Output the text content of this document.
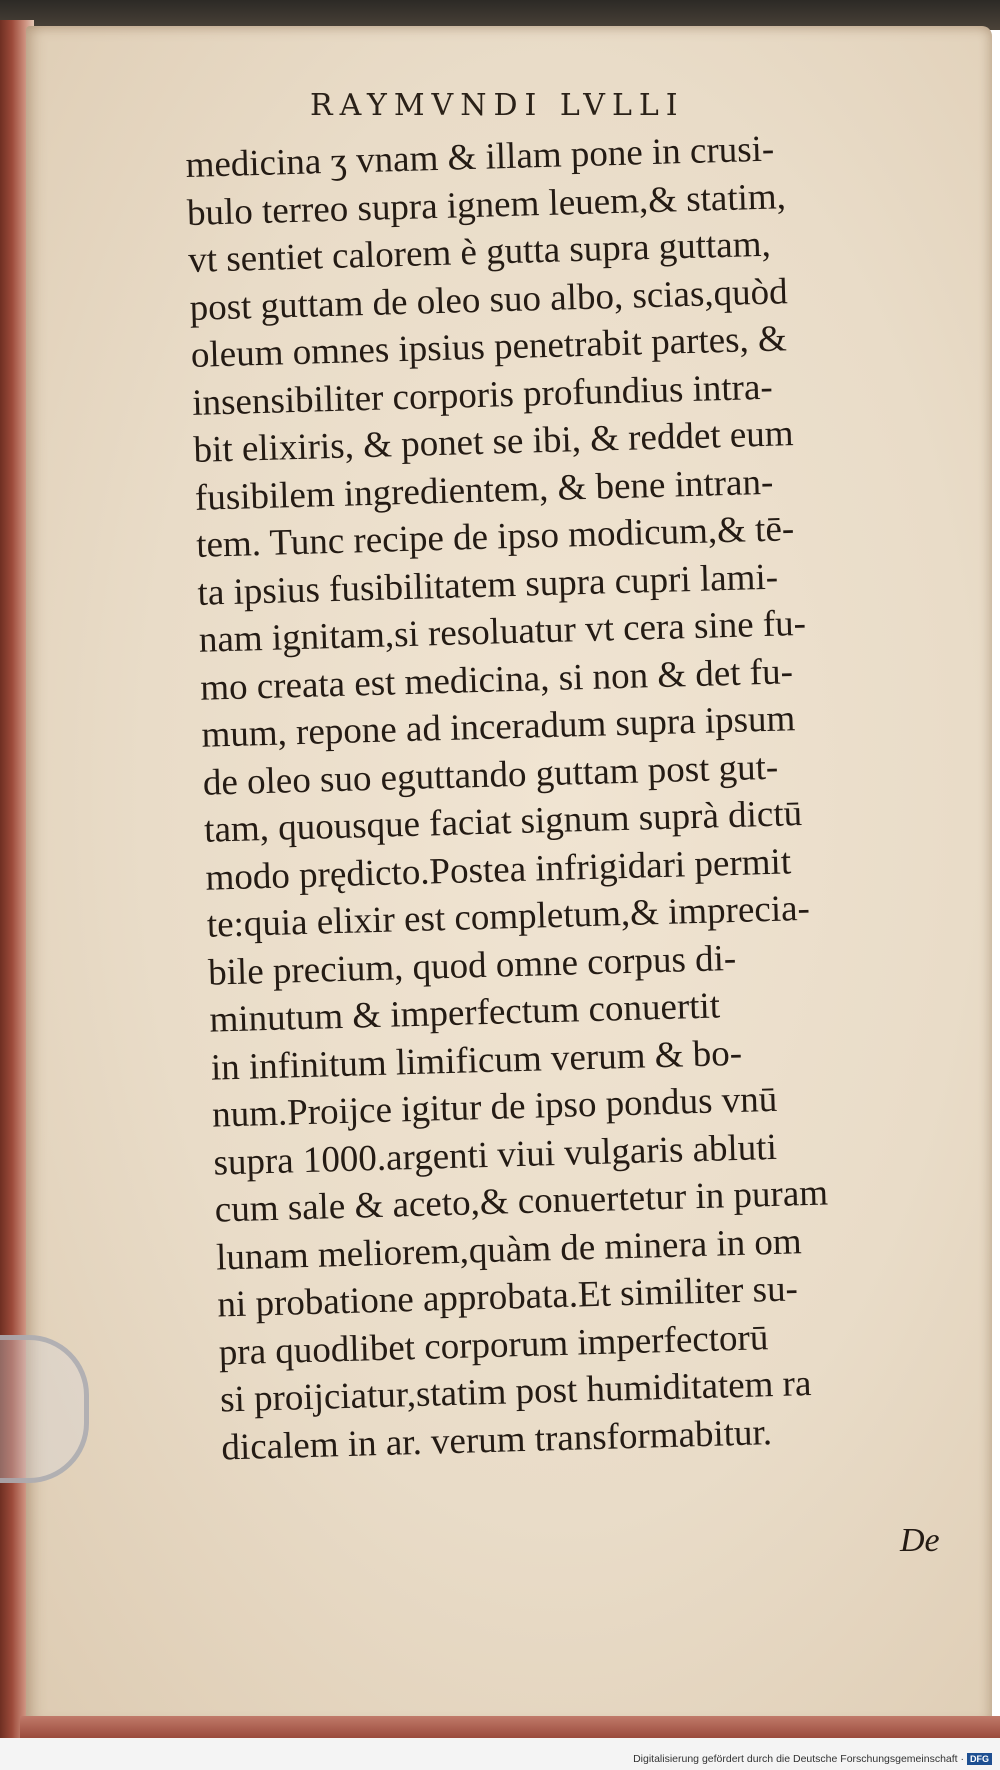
RAYMVNDI LVLLI
medicina ʒ vnam & illam pone in crusi-
bulo terreo supra ignem leuem,& statim,
vt sentiet calorem è gutta supra guttam,
post guttam de oleo suo albo, scias,quòd
oleum omnes ipsius penetrabit partes, &
insensibiliter corporis profundius intra-
bit elixiris, & ponet se ibi, & reddet eum
fusibilem ingredientem, & bene intran-
tem. Tunc recipe de ipso modicum,& tē-
ta ipsius fusibilitatem supra cupri lami-
nam ignitam,si resoluatur vt cera sine fu-
mo creata est medicina, si non & det fu-
mum, repone ad inceradum supra ipsum
de oleo suo eguttando guttam post gut-
tam, quousque faciat signum suprà dictū
modo prędicto.Postea infrigidari permit
te:quia elixir est completum,& imprecia-
bile precium, quod omne corpus di-
minutum & imperfectum conuertit
in infinitum limificum verum & bo-
num.Proijce igitur de ipso pondus vnū
supra 1000.argenti viui vulgaris abluti
cum sale & aceto,& conuertetur in puram
lunam meliorem,quàm de minera in om
ni probatione approbata.Et similiter su-
pra quodlibet corporum imperfectorū
si proijciatur,statim post humiditatem ra
dicalem in ar. verum transformabitur.
De
Digitalisierung gefördert durch die Deutsche Forschungsgemeinschaft · DFG
